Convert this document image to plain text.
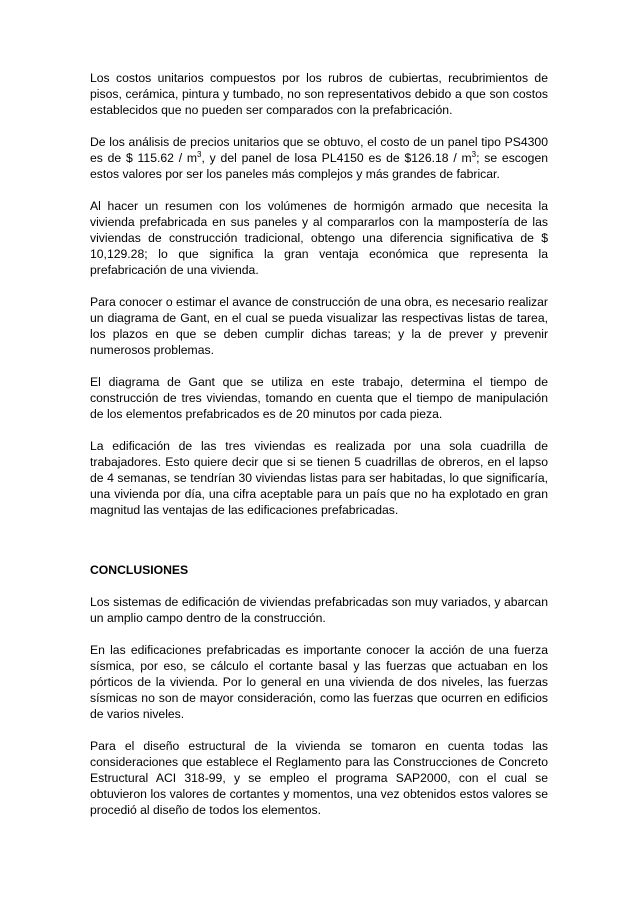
Los costos unitarios compuestos por los rubros de cubiertas, recubrimientos de pisos, cerámica, pintura y tumbado, no son representativos debido a que son costos establecidos que no pueden ser comparados con la prefabricación.

De los análisis de precios unitarios que se obtuvo, el costo de un panel tipo PS4300 es de $ $115.62 / m^3$, y del panel de losa PL4150 es de $126.18 / $m^3$; se escogen estos valores por ser los paneles más complejos y más grandes de fabricar.

Al hacer un resumen con los volúmenes de hormigón armado que necesita la vivienda prefabricada en sus paneles y al compararlos con la mampostería de las viviendas de construcción tradicional, obtengo una diferencia significativa de $ 10,129.28; lo que significa la gran ventaja económica que representa la prefabricación de una vivienda.

Para conocer o estimar el avance de construcción de una obra, es necesario realizar un diagrama de Gant, en el cual se pueda visualizar las respectivas listas de tarea, los plazos en que se deben cumplir dichas tareas; y la de prever y prevenir numerosos problemas.

El diagrama de Gant que se utiliza en este trabajo, determina el tiempo de construcción de tres viviendas, tomando en cuenta que el tiempo de manipulación de los elementos prefabricados es de 20 minutos por cada pieza.

La edificación de las tres viviendas es realizada por una sola cuadrilla de trabajadores. Esto quiere decir que si se tienen 5 cuadrillas de obreros, en el lapso de 4 semanas, se tendrían 30 viviendas listas para ser habitadas, lo que significaría, una vivienda por día, una cifra aceptable para un país que no ha explotado en gran magnitud las ventajas de las edificaciones prefabricadas.

CONCLUSIONES

Los sistemas de edificación de viviendas prefabricadas son muy variados, y abarcan un amplio campo dentro de la construcción.

En las edificaciones prefabricadas es importante conocer la acción de una fuerza sísmica, por eso, se cálculo el cortante basal y las fuerzas que actuaban en los pórticos de la vivienda. Por lo general en una vivienda de dos niveles, las fuerzas sísmicas no son de mayor consideración, como las fuerzas que ocurren en edificios de varios niveles.

Para el diseño estructural de la vivienda se tomaron en cuenta todas las consideraciones que establece el Reglamento para las Construcciones de Concreto Estructural ACI 318-99, y se empleo el programa SAP2000, con el cual se obtuvieron los valores de cortantes y momentos, una vez obtenidos estos valores se procedió al diseño de todos los elementos.
